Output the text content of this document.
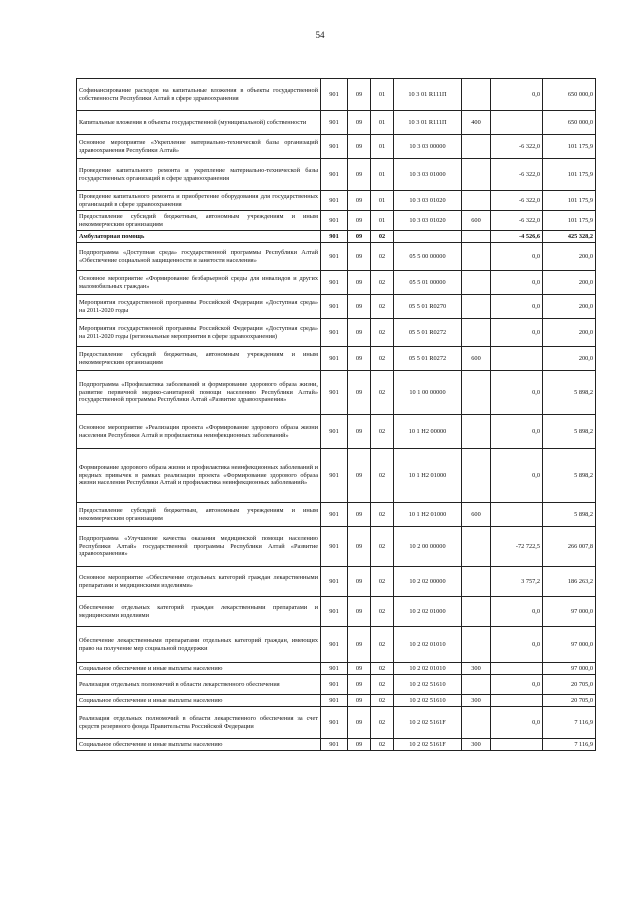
54
Софинансирование расходов на капитальные вложения в объекты государственной собственности Республики Алтай в сфере здравоохранения	901	09	01	10 3 01 R111П		0,0	650 000,0
Капитальные вложения в объекты государственной (муниципальной) собственности	901	09	01	10 3 01 R111П	400		650 000,0
Основное мероприятие «Укрепление материально-технической базы организаций здравоохранения Республики Алтай»	901	09	01	10 3 03 00000		-6 322,0	101 175,9
Проведение капитального ремонта и укрепление материально-технической базы государственных организаций в сфере здравоохранения	901	09	01	10 3 03 01000		-6 322,0	101 175,9
Проведение капитального ремонта и приобретение оборудования для государственных организаций в сфере здравоохранения	901	09	01	10 3 03 01020		-6 322,0	101 175,9
Предоставление субсидий бюджетным, автономным учреждениям и иным некоммерческим организациям	901	09	01	10 3 03 01020	600	-6 322,0	101 175,9
Амбулаторная помощь	901	09	02			-4 526,6	425 328,2
Подпрограмма «Доступная среда» государственной программы Республики Алтай «Обеспечение социальной защищенности и занятости населения»	901	09	02	05 5 00 00000		0,0	200,0
Основное мероприятие «Формирование безбарьерной среды для инвалидов и других маломобильных граждан»	901	09	02	05 5 01 00000		0,0	200,0
Мероприятия государственной программы Российской Федерации «Доступная среда» на 2011-2020 годы	901	09	02	05 5 01 R0270		0,0	200,0
Мероприятия государственной программы Российской Федерации «Доступная среда» на 2011-2020 годы (региональные мероприятия в сфере здравоохранения)	901	09	02	05 5 01 R0272		0,0	200,0
Предоставление субсидий бюджетным, автономным учреждениям и иным некоммерческим организациям	901	09	02	05 5 01 R0272	600		200,0
Подпрограмма «Профилактика заболеваний и формирование здорового образа жизни, развитие первичной медико-санитарной помощи населению Республики Алтай» государственной программы Республики Алтай «Развитие здравоохранения»	901	09	02	10 1 00 00000		0,0	5 898,2
Основное мероприятие «Реализация проекта «Формирование здорового образа жизни населения Республики Алтай и профилактика неинфекционных заболеваний»	901	09	02	10 1 Н2 00000		0,0	5 898,2
Формирование здорового образа жизни и профилактика неинфекционных заболеваний и вредных привычек в рамках реализации проекта «Формирование здорового образа жизни населения Республики Алтай и профилактика неинфекционных заболеваний»	901	09	02	10 1 Н2 01000		0,0	5 898,2
Предоставление субсидий бюджетным, автономным учреждениям и иным некоммерческим организациям	901	09	02	10 1 Н2 01000	600		5 898,2
Подпрограмма «Улучшение качества оказания медицинской помощи населению Республики Алтай» государственной программы Республики Алтай «Развитие здравоохранения»	901	09	02	10 2 00 00000		-72 722,5	266 007,8
Основное мероприятие «Обеспечение отдельных категорий граждан лекарственными препаратами и медицинскими изделиями»	901	09	02	10 2 02 00000		3 757,2	186 263,2
Обеспечение отдельных категорий граждан лекарственными препаратами и медицинскими изделиями	901	09	02	10 2 02 01000		0,0	97 000,0
Обеспечение лекарственными препаратами отдельных категорий граждан, имеющих право на получение мер социальной поддержки	901	09	02	10 2 02 01010		0,0	97 000,0
Социальное обеспечение и иные выплаты населению	901	09	02	10 2 02 01010	300		97 000,0
Реализация отдельных полномочий в области лекарственного обеспечения	901	09	02	10 2 02 51610		0,0	20 705,0
Социальное обеспечение и иные выплаты населению	901	09	02	10 2 02 51610	300		20 705,0
Реализация отдельных полномочий в области лекарственного обеспечения за счет средств резервного фонда Правительства Российской Федерации	901	09	02	10 2 02 5161F		0,0	7 116,9
Социальное обеспечение и иные выплаты населению	901	09	02	10 2 02 5161F	300		7 116,9
